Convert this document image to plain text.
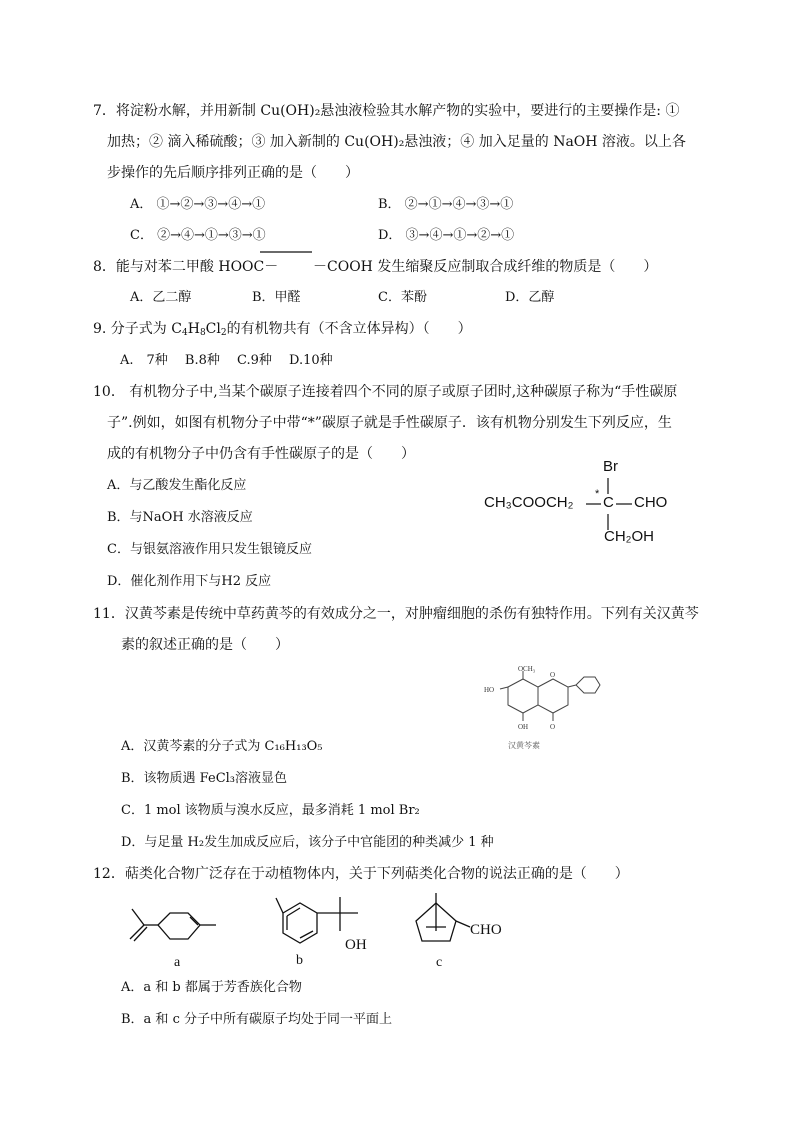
7．将淀粉水解，并用新制 Cu(OH)₂悬浊液检验其水解产物的实验中，要进行的主要操作是: ①
加热；② 滴入稀硫酸；③ 加入新制的 Cu(OH)₂悬浊液；④ 加入足量的 NaOH 溶液。以上各
步操作的先后顺序排列正确的是（　　）
A． ①→②→③→④→①	B． ②→①→④→③→①
C． ②→④→①→③→①	D． ③→④→①→②→①
8．能与对苯二甲酸 HOOC－ －COOH 发生缩聚反应制取合成纤维的物质是（　　）
A．乙二醇	B．甲醛	C．苯酚	D．乙醇
9. 分子式为 $C_4H_8Cl_2$的有机物共有（不含立体异构）（　　）
A.　7种　 B.8种　 C.9种　 D.10种
10． 有机物分子中,当某个碳原子连接着四个不同的原子或原子团时,这种碳原子称为“手性碳原
子”.例如，如图有机物分子中带“*”碳原子就是手性碳原子．该有机物分别发生下列反应，生
成的有机物分子中仍含有手性碳原子的是（　　）
A．与乙酸发生酯化反应
B．与NaOH 水溶液反应
C．与银氨溶液作用只发生银镜反应
D．催化剂作用下与H2 反应
Br
CH₃COOCH₂ * C CHO
CH₂OH
11．汉黄芩素是传统中草药黄芩的有效成分之一，对肿瘤细胞的杀伤有独特作用。下列有关汉黄芩
素的叙述正确的是（　　）
OCH₃
HO
OH	O
O
汉黄芩素
A．汉黄芩素的分子式为 C₁₆H₁₃O₅
B．该物质遇 FeCl₃溶液显色
C．1 mol 该物质与溴水反应，最多消耗 1 mol Br₂
D．与足量 H₂发生加成反应后，该分子中官能团的种类减少 1 种
12．萜类化合物广泛存在于动植物体内，关于下列萜类化合物的说法正确的是（　　）
OH
CHO
a	b	c
A．a 和 b 都属于芳香族化合物
B．a 和 c 分子中所有碳原子均处于同一平面上
